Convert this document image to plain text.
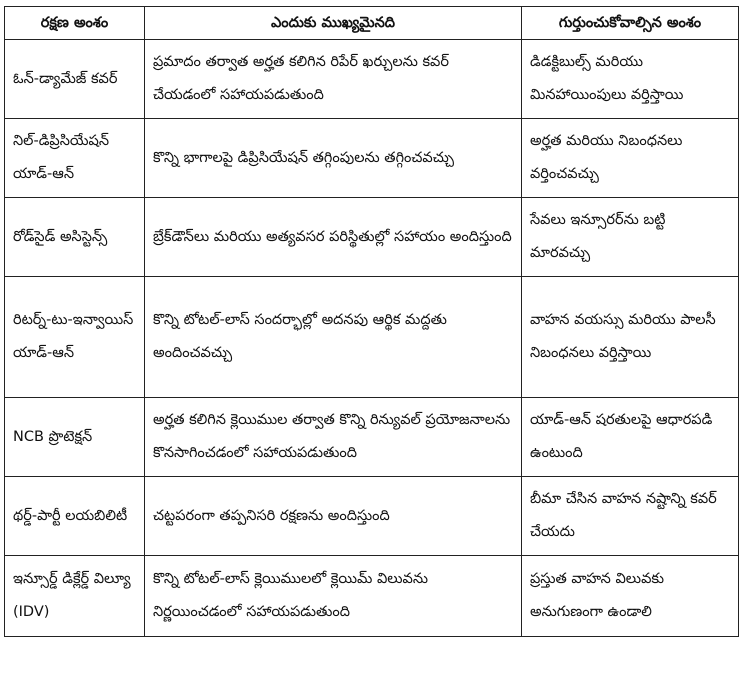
రక్షణ అంశం	ఎందుకు ముఖ్యమైనది	గుర్తుంచుకోవాల్సిన అంశం
ఓన్-డ్యామేజ్ కవర్	ప్రమాదం తర్వాత అర్హత కలిగిన రిపేర్ ఖర్చులను కవర్ చేయడంలో సహాయపడుతుంది	డిడక్టిబుల్స్ మరియు మినహాయింపులు వర్తిస్తాయి
నిల్-డిప్రిసియేషన్ యాడ్-ఆన్	కొన్ని భాగాలపై డిప్రిసియేషన్ తగ్గింపులను తగ్గించవచ్చు	అర్హత మరియు నిబంధనలు వర్తించవచ్చు
రోడ్‌సైడ్ అసిస్టెన్స్	బ్రేక్‌డౌన్‌లు మరియు అత్యవసర పరిస్థితుల్లో సహాయం అందిస్తుంది	సేవలు ఇన్సూరర్‌ను బట్టి మారవచ్చు
రిటర్న్-టు-ఇన్వాయిస్ యాడ్-ఆన్	కొన్ని టోటల్-లాస్ సందర్భాల్లో అదనపు ఆర్థిక మద్దతు అందించవచ్చు	వాహన వయస్సు మరియు పాలసీ నిబంధనలు వర్తిస్తాయి
NCB ప్రొటెక్షన్	అర్హత కలిగిన క్లెయిముల తర్వాత కొన్ని రిన్యువల్ ప్రయోజనాలను కొనసాగించడంలో సహాయపడుతుంది	యాడ్-ఆన్ షరతులపై ఆధారపడి ఉంటుంది
థర్డ్-పార్టీ లయబిలిటీ	చట్టపరంగా తప్పనిసరి రక్షణను అందిస్తుంది	బీమా చేసిన వాహన నష్టాన్ని కవర్ చేయదు
ఇన్సూర్డ్ డిక్లేర్డ్ విల్యూ (IDV)	కొన్ని టోటల్-లాస్ క్లెయిములలో క్లెయిమ్ విలువను నిర్ణయించడంలో సహాయపడుతుంది	ప్రస్తుత వాహన విలువకు అనుగుణంగా ఉండాలి
